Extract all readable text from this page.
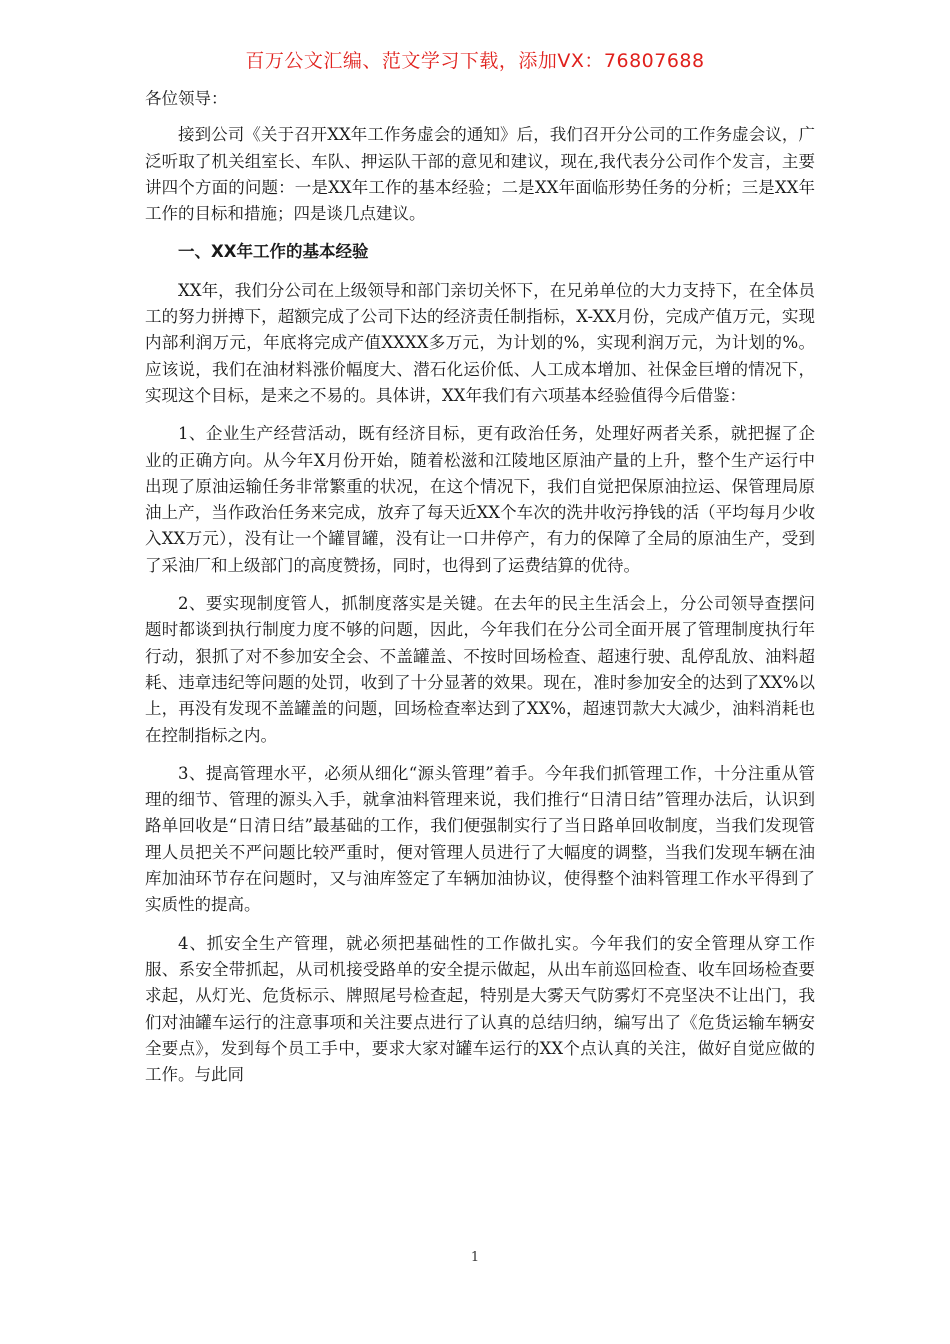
百万公文汇编、范文学习下载，添加VX：76807688

各位领导：

接到公司《关于召开XX年工作务虚会的通知》后，我们召开分公司的工作务虚会议，广泛听取了机关组室长、车队、押运队干部的意见和建议，现在,我代表分公司作个发言，主要讲四个方面的问题：一是XX年工作的基本经验；二是XX年面临形势任务的分析；三是XX年工作的目标和措施；四是谈几点建议。

一、XX年工作的基本经验

XX年，我们分公司在上级领导和部门亲切关怀下，在兄弟单位的大力支持下，在全体员工的努力拼搏下，超额完成了公司下达的经济责任制指标，X-XX月份，完成产值万元，实现内部利润万元，年底将完成产值XXXX多万元，为计划的%，实现利润万元，为计划的%。应该说，我们在油材料涨价幅度大、潜石化运价低、人工成本增加、社保金巨增的情况下，实现这个目标，是来之不易的。具体讲，XX年我们有六项基本经验值得今后借鉴：

1、企业生产经营活动，既有经济目标，更有政治任务，处理好两者关系，就把握了企业的正确方向。从今年X月份开始，随着松滋和江陵地区原油产量的上升，整个生产运行中出现了原油运输任务非常繁重的状况，在这个情况下，我们自觉把保原油拉运、保管理局原油上产，当作政治任务来完成，放弃了每天近XX个车次的洗井收污挣钱的活（平均每月少收入XX万元），没有让一个罐冒罐，没有让一口井停产，有力的保障了全局的原油生产，受到了采油厂和上级部门的高度赞扬，同时，也得到了运费结算的优待。

2、要实现制度管人，抓制度落实是关键。在去年的民主生活会上，分公司领导查摆问题时都谈到执行制度力度不够的问题，因此，今年我们在分公司全面开展了管理制度执行年行动，狠抓了对不参加安全会、不盖罐盖、不按时回场检查、超速行驶、乱停乱放、油料超耗、违章违纪等问题的处罚，收到了十分显著的效果。现在，准时参加安全的达到了XX%以上，再没有发现不盖罐盖的问题，回场检查率达到了XX%，超速罚款大大减少，油料消耗也在控制指标之内。

3、提高管理水平，必须从细化“源头管理”着手。今年我们抓管理工作，十分注重从管理的细节、管理的源头入手，就拿油料管理来说，我们推行“日清日结”管理办法后，认识到路单回收是“日清日结”最基础的工作，我们便强制实行了当日路单回收制度，当我们发现管理人员把关不严问题比较严重时，便对管理人员进行了大幅度的调整，当我们发现车辆在油库加油环节存在问题时，又与油库签定了车辆加油协议，使得整个油料管理工作水平得到了实质性的提高。

4、抓安全生产管理，就必须把基础性的工作做扎实。今年我们的安全管理从穿工作服、系安全带抓起，从司机接受路单的安全提示做起，从出车前巡回检查、收车回场检查要求起，从灯光、危货标示、牌照尾号检查起，特别是大雾天气防雾灯不亮坚决不让出门，我们对油罐车运行的注意事项和关注要点进行了认真的总结归纳，编写出了《危货运输车辆安全要点》，发到每个员工手中，要求大家对罐车运行的XX个点认真的关注，做好自觉应做的工作。与此同

1
